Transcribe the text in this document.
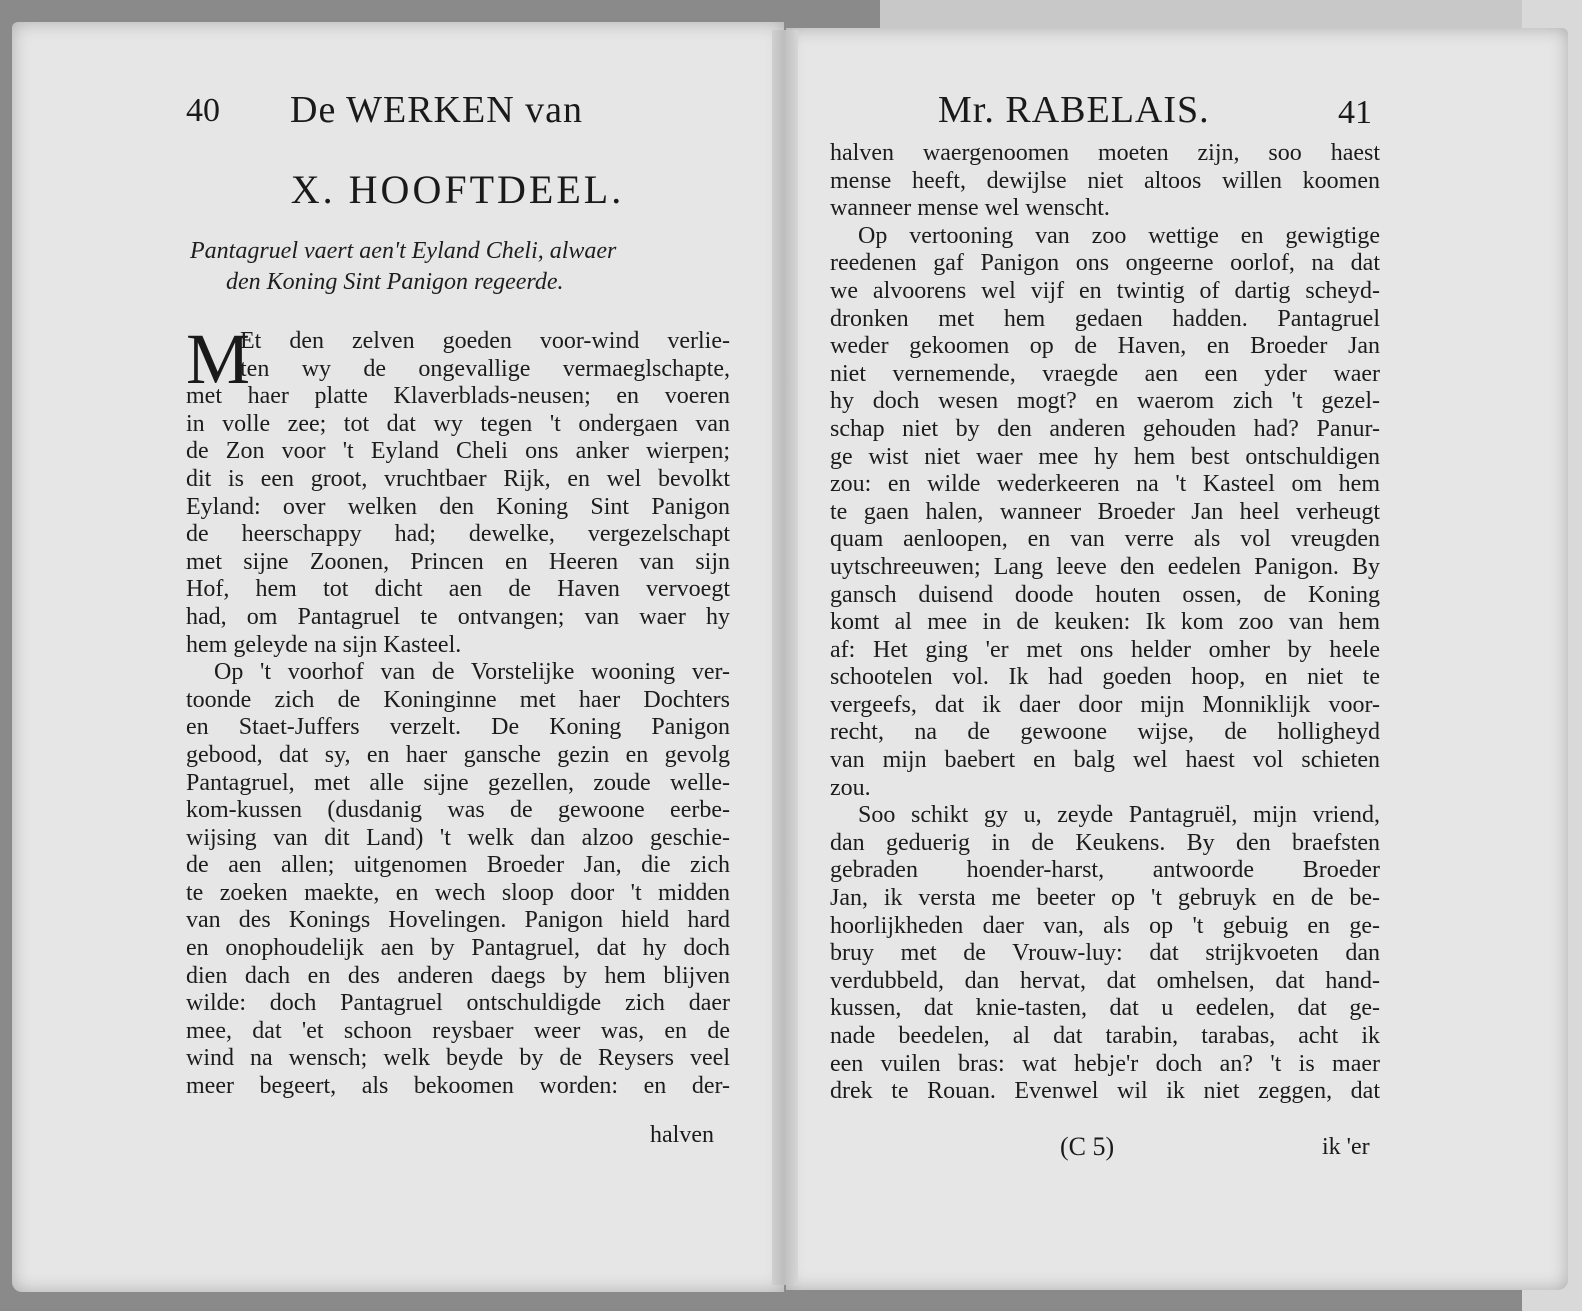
40 De WERKEN van
X. HOOFTDEEL.
Pantagruel vaert aen't Eyland Cheli, alwaer
den Koning Sint Panigon regeerde.
M
Et den zelven goeden voor-wind verlie-
ten wy de ongevallige vermaeglschapte,
met haer platte Klaverblads-neusen; en voeren
in volle zee; tot dat wy tegen 't ondergaen van
de Zon voor 't Eyland Cheli ons anker wierpen;
dit is een groot, vruchtbaer Rijk, en wel bevolkt
Eyland: over welken den Koning Sint Panigon
de heerschappy had; dewelke, vergezelschapt
met sijne Zoonen, Princen en Heeren van sijn
Hof, hem tot dicht aen de Haven vervoegt
had, om Pantagruel te ontvangen; van waer hy
hem geleyde na sijn Kasteel.
Op 't voorhof van de Vorstelijke wooning ver-
toonde zich de Koninginne met haer Dochters
en Staet-Juffers verzelt. De Koning Panigon
gebood, dat sy, en haer gansche gezin en gevolg
Pantagruel, met alle sijne gezellen, zoude welle-
kom-kussen (dusdanig was de gewoone eerbe-
wijsing van dit Land) 't welk dan alzoo geschie-
de aen allen; uitgenomen Broeder Jan, die zich
te zoeken maekte, en wech sloop door 't midden
van des Konings Hovelingen. Panigon hield hard
en onophoudelijk aen by Pantagruel, dat hy doch
dien dach en des anderen daegs by hem blijven
wilde: doch Pantagruel ontschuldigde zich daer
mee, dat 'et schoon reysbaer weer was, en de
wind na wensch; welk beyde by de Reysers veel
meer begeert, als bekoomen worden: en der-
halven
Mr. RABELAIS.	41
halven waergenoomen moeten zijn, soo haest
mense heeft, dewijlse niet altoos willen koomen
wanneer mense wel wenscht.
Op vertooning van zoo wettige en gewigtige
reedenen gaf Panigon ons ongeerne oorlof, na dat
we alvoorens wel vijf en twintig of dartig scheyd-
dronken met hem gedaen hadden. Pantagruel
weder gekoomen op de Haven, en Broeder Jan
niet vernemende, vraegde aen een yder waer
hy doch wesen mogt? en waerom zich 't gezel-
schap niet by den anderen gehouden had? Panur-
ge wist niet waer mee hy hem best ontschuldigen
zou: en wilde wederkeeren na 't Kasteel om hem
te gaen halen, wanneer Broeder Jan heel verheugt
quam aenloopen, en van verre als vol vreugden
uytschreeuwen; Lang leeve den eedelen Panigon. By
gansch duisend doode houten ossen, de Koning
komt al mee in de keuken: Ik kom zoo van hem
af: Het ging 'er met ons helder omher by heele
schootelen vol. Ik had goeden hoop, en niet te
vergeefs, dat ik daer door mijn Monniklijk voor-
recht, na de gewoone wijse, de holligheyd
van mijn baebert en balg wel haest vol schieten
zou.
Soo schikt gy u, zeyde Pantagruël, mijn vriend,
dan geduerig in de Keukens. By den braefsten
gebraden hoender-harst, antwoorde Broeder
Jan, ik versta me beeter op 't gebruyk en de be-
hoorlijkheden daer van, als op 't gebuig en ge-
bruy met de Vrouw-luy: dat strijkvoeten dan
verdubbeld, dan hervat, dat omhelsen, dat hand-
kussen, dat knie-tasten, dat u eedelen, dat ge-
nade beedelen, al dat tarabin, tarabas, acht ik
een vuilen bras: wat hebje'r doch an? 't is maer
drek te Rouan. Evenwel wil ik niet zeggen, dat
(C 5)	ik 'er
